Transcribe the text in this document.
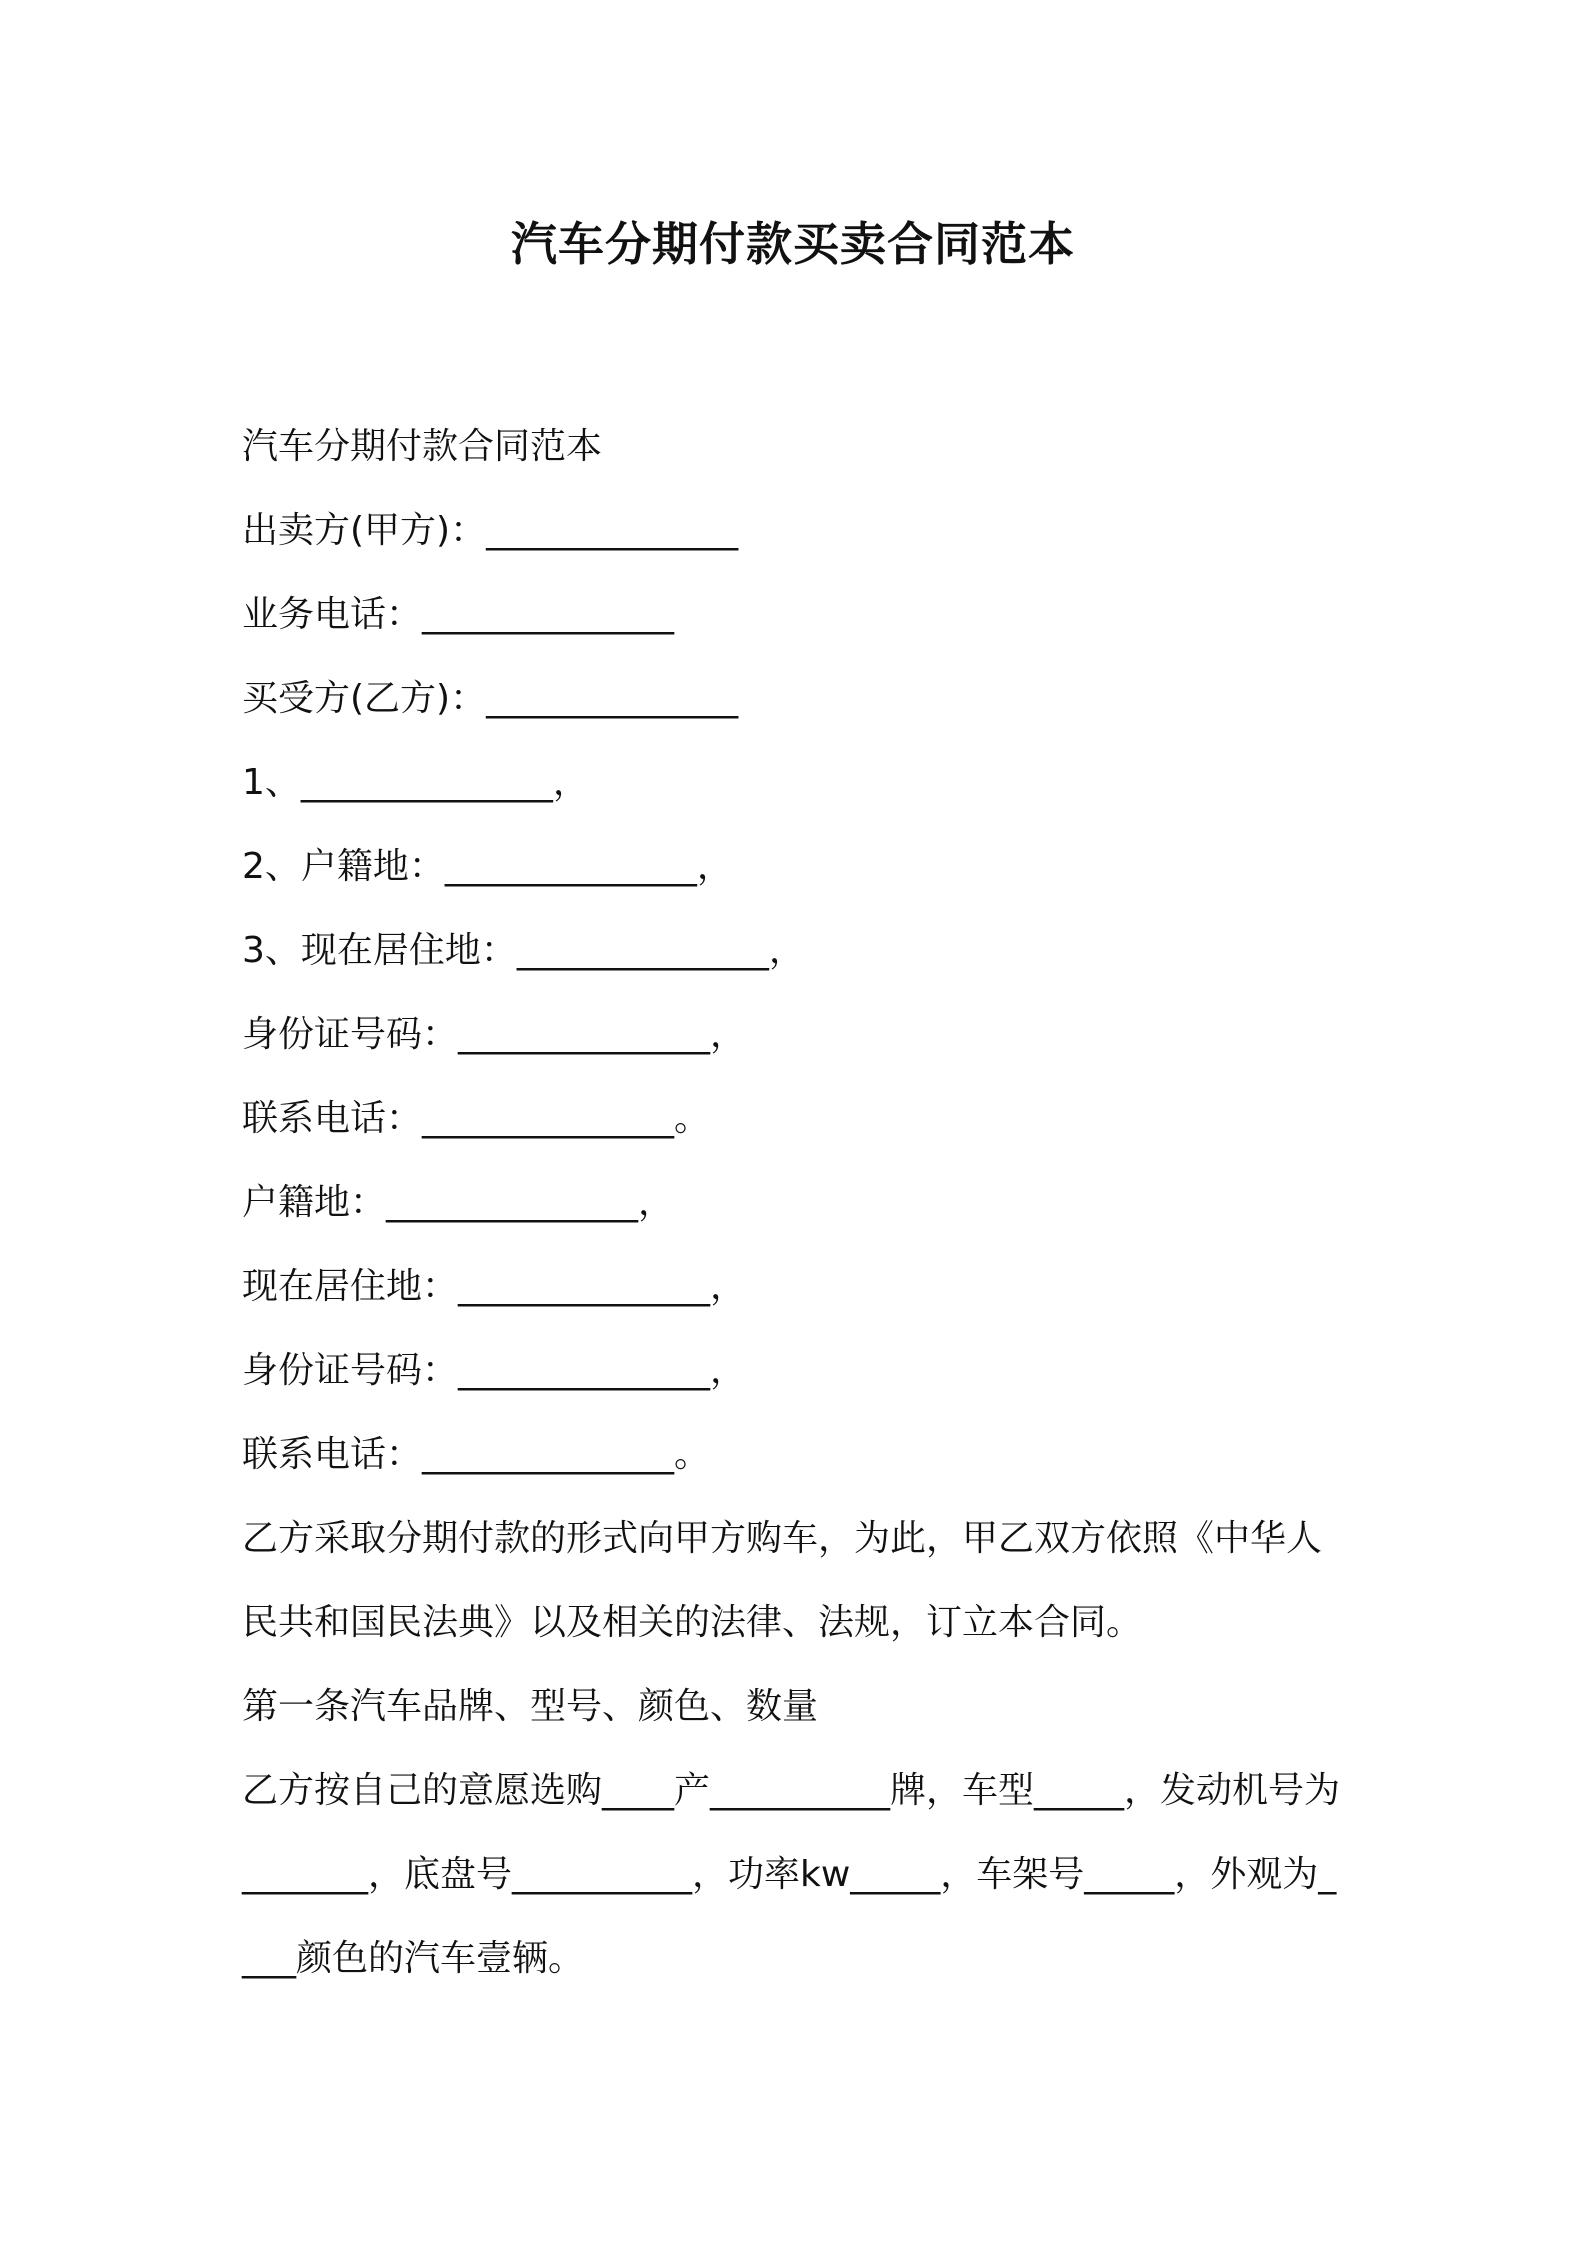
汽车分期付款买卖合同范本
汽车分期付款合同范本
出卖方(甲方)：______________
业务电话：______________
买受方(乙方)：______________
1、______________，
2、户籍地：______________，
3、现在居住地：______________，
身份证号码：______________，
联系电话：______________。
户籍地：______________，
现在居住地：______________，
身份证号码：______________，
联系电话：______________。
乙方采取分期付款的形式向甲方购车，为此，甲乙双方依照《中华人民共和国民法典》以及相关的法律、法规，订立本合同。
第一条汽车品牌、型号、颜色、数量
乙方按自己的意愿选购____产__________牌，车型_____，发动机号为_______，底盘号__________，功率kw_____，车架号_____，外观为____颜色的汽车壹辆。
